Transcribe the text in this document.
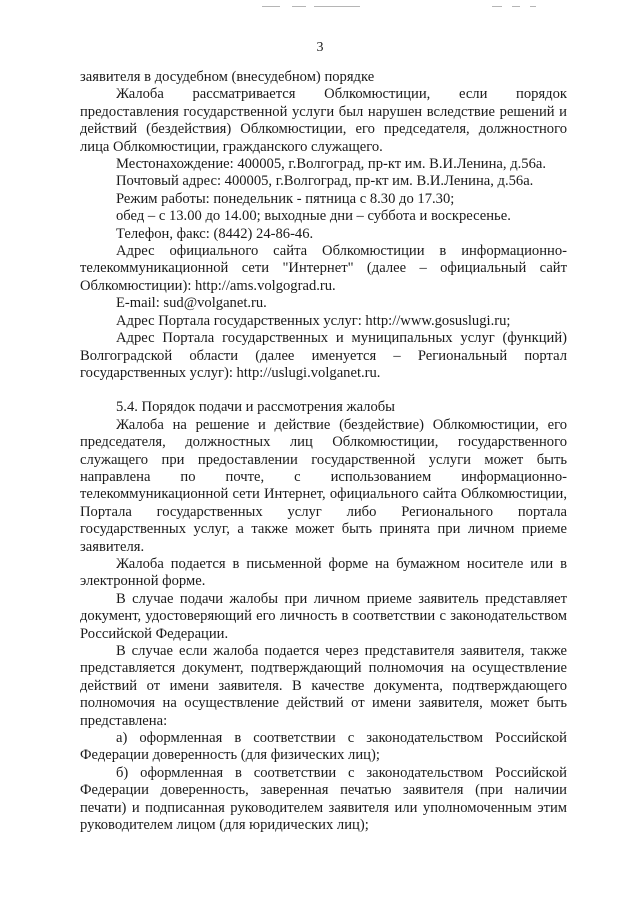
3

заявителя в досудебном (внесудебном) порядке

Жалоба рассматривается Облкомюстиции, если порядок предоставления государственной услуги был нарушен вследствие решений и действий (бездействия) Облкомюстиции, его председателя, должностного лица Облкомюстиции, гражданского служащего.

Местонахождение: 400005, г.Волгоград, пр-кт им. В.И.Ленина, д.56а.

Почтовый адрес: 400005, г.Волгоград, пр-кт им. В.И.Ленина, д.56а.

Режим работы: понедельник - пятница с 8.30 до 17.30;

обед – с 13.00 до 14.00; выходные дни – суббота и воскресенье.

Телефон, факс: (8442) 24-86-46.

Адрес официального сайта Облкомюстиции в информационно-телекоммуникационной сети "Интернет" (далее – официальный сайт Облкомюстиции): http://ams.volgograd.ru.

E-mail: sud@volganet.ru.

Адрес Портала государственных услуг: http://www.gosuslugi.ru;

Адрес Портала государственных и муниципальных услуг (функций) Волгоградской области (далее именуется – Региональный портал государственных услуг): http://uslugi.volganet.ru.

5.4. Порядок подачи и рассмотрения жалобы

Жалоба на решение и действие (бездействие) Облкомюстиции, его председателя, должностных лиц Облкомюстиции, государственного служащего при предоставлении государственной услуги может быть направлена по почте, с использованием информационно-телекоммуникационной сети Интернет, официального сайта Облкомюстиции, Портала государственных услуг либо Регионального портала государственных услуг, а также может быть принята при личном приеме заявителя.

Жалоба подается в письменной форме на бумажном носителе или в электронной форме.

В случае подачи жалобы при личном приеме заявитель представляет документ, удостоверяющий его личность в соответствии с законодательством Российской Федерации.

В случае если жалоба подается через представителя заявителя, также представляется документ, подтверждающий полномочия на осуществление действий от имени заявителя. В качестве документа, подтверждающего полномочия на осуществление действий от имени заявителя, может быть представлена:

а) оформленная в соответствии с законодательством Российской Федерации доверенность (для физических лиц);

б) оформленная в соответствии с законодательством Российской Федерации доверенность, заверенная печатью заявителя (при наличии печати) и подписанная руководителем заявителя или уполномоченным этим руководителем лицом (для юридических лиц);
